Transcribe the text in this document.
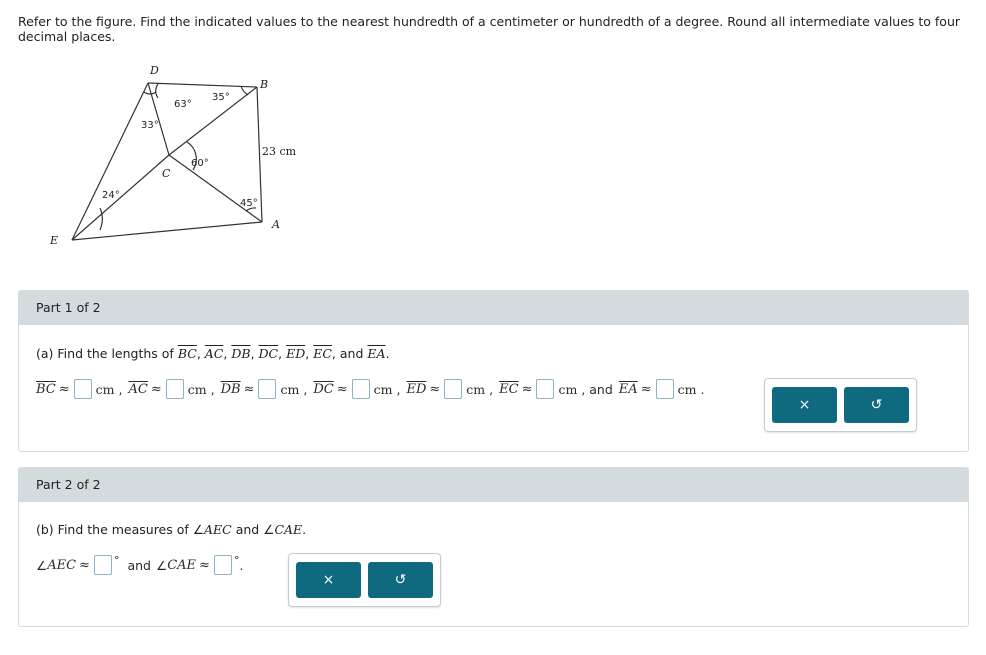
Refer to the figure. Find the indicated values to the nearest hundredth of a centimeter or hundredth of a degree. Round all intermediate values to four decimal places.
D
B
C
E
A
63°
35°
33°
60°
24°
45°
23 cm
Part 1 of 2
(a) Find the lengths of $\overline{BC}$, $\overline{AC}$, $\overline{DB}$, $\overline{DC}$, $\overline{ED}$, $\overline{EC}$, and $\overline{EA}$.
$\overline{BC}$ ≈ cm , $\overline{AC}$ ≈ cm , $\overline{DB}$ ≈ cm , $\overline{DC}$ ≈ cm , $\overline{ED}$ ≈ cm , $\overline{EC}$ ≈ cm , and $\overline{EA}$ ≈ cm .
×	↺
Part 2 of 2
(b) Find the measures of ∠AEC and ∠CAE.
∠ AEC ≈ ° and ∠ CAE ≈ ° .
×	↺
